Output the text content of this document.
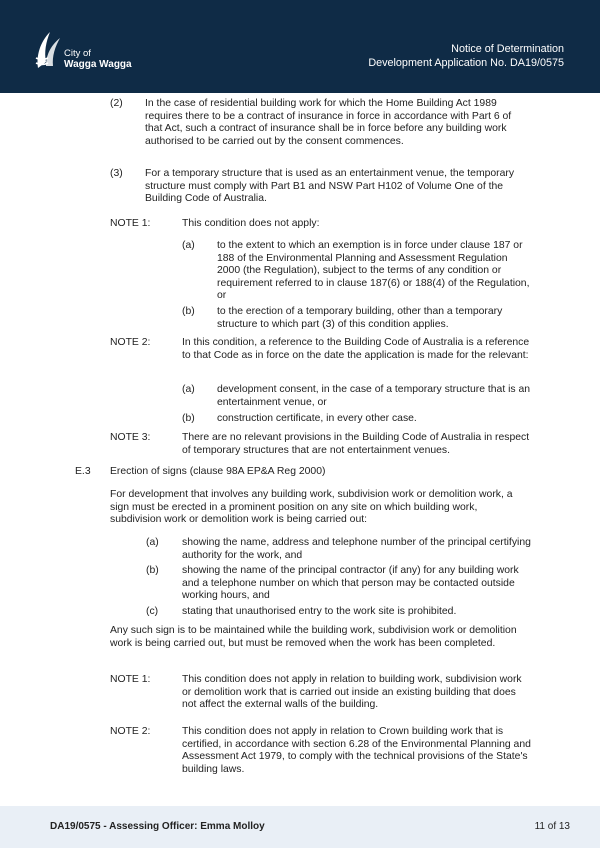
City of
Wagga Wagga
Notice of Determination
Development Application No. DA19/0575
(2) In the case of residential building work for which the Home Building Act 1989 requires there to be a contract of insurance in force in accordance with Part 6 of that Act, such a contract of insurance shall be in force before any building work authorised to be carried out by the consent commences.
(3) For a temporary structure that is used as an entertainment venue, the temporary structure must comply with Part B1 and NSW Part H102 of Volume One of the Building Code of Australia.
NOTE 1:	This condition does not apply:
(a) to the extent to which an exemption is in force under clause 187 or 188 of the Environmental Planning and Assessment Regulation 2000 (the Regulation), subject to the terms of any condition or requirement referred to in clause 187(6) or 188(4) of the Regulation, or
(b) to the erection of a temporary building, other than a temporary structure to which part (3) of this condition applies.
NOTE 2:	In this condition, a reference to the Building Code of Australia is a reference to that Code as in force on the date the application is made for the relevant:
(a) development consent, in the case of a temporary structure that is an entertainment venue, or
(b) construction certificate, in every other case.
NOTE 3:	There are no relevant provisions in the Building Code of Australia in respect of temporary structures that are not entertainment venues.
E.3 Erection of signs (clause 98A EP&A Reg 2000)
For development that involves any building work, subdivision work or demolition work, a sign must be erected in a prominent position on any site on which building work, subdivision work or demolition work is being carried out:
(a) showing the name, address and telephone number of the principal certifying authority for the work, and
(b) showing the name of the principal contractor (if any) for any building work and a telephone number on which that person may be contacted outside working hours, and
(c) stating that unauthorised entry to the work site is prohibited.
Any such sign is to be maintained while the building work, subdivision work or demolition work is being carried out, but must be removed when the work has been completed.
NOTE 1:	This condition does not apply in relation to building work, subdivision work or demolition work that is carried out inside an existing building that does not affect the external walls of the building.
NOTE 2:	This condition does not apply in relation to Crown building work that is certified, in accordance with section 6.28 of the Environmental Planning and Assessment Act 1979, to comply with the technical provisions of the State's building laws.
DA19/0575 - Assessing Officer: Emma Molloy	11 of 13
